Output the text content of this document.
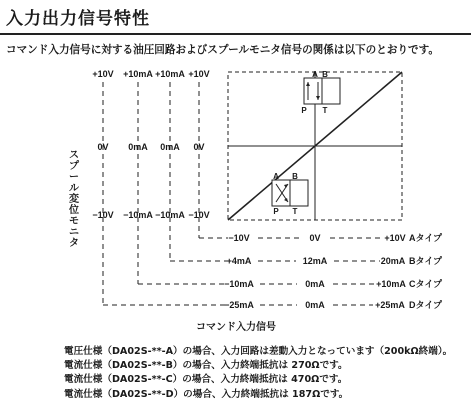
入力出力信号特性
コマンド入力信号に対する油圧回路およびスプールモニタ信号の関係は以下のとおりです。
A B
P T
A B
P T
+10V +10mA +10mA +10V
0V 0mA 0mA 0V
−10V −10mA −10mA −10V
ス
プ
ー
ル
変
位
モ
ニ
タ	−10V	0V	+10V Aタイプ
+4mA	12mA	20mA Bタイプ
−10mA	0mA	+10mA Cタイプ
−25mA	0mA	+25mA Dタイプ
コマンド入力信号
電圧仕様（DA02S-**-A）の場合、入力回路は差動入力となっています（200kΩ終端）。
電流仕様（DA02S-**-B）の場合、入力終端抵抗は 270Ωです。
電流仕様（DA02S-**-C）の場合、入力終端抵抗は 470Ωです。
電流仕様（DA02S-**-D）の場合、入力終端抵抗は 187Ωです。
